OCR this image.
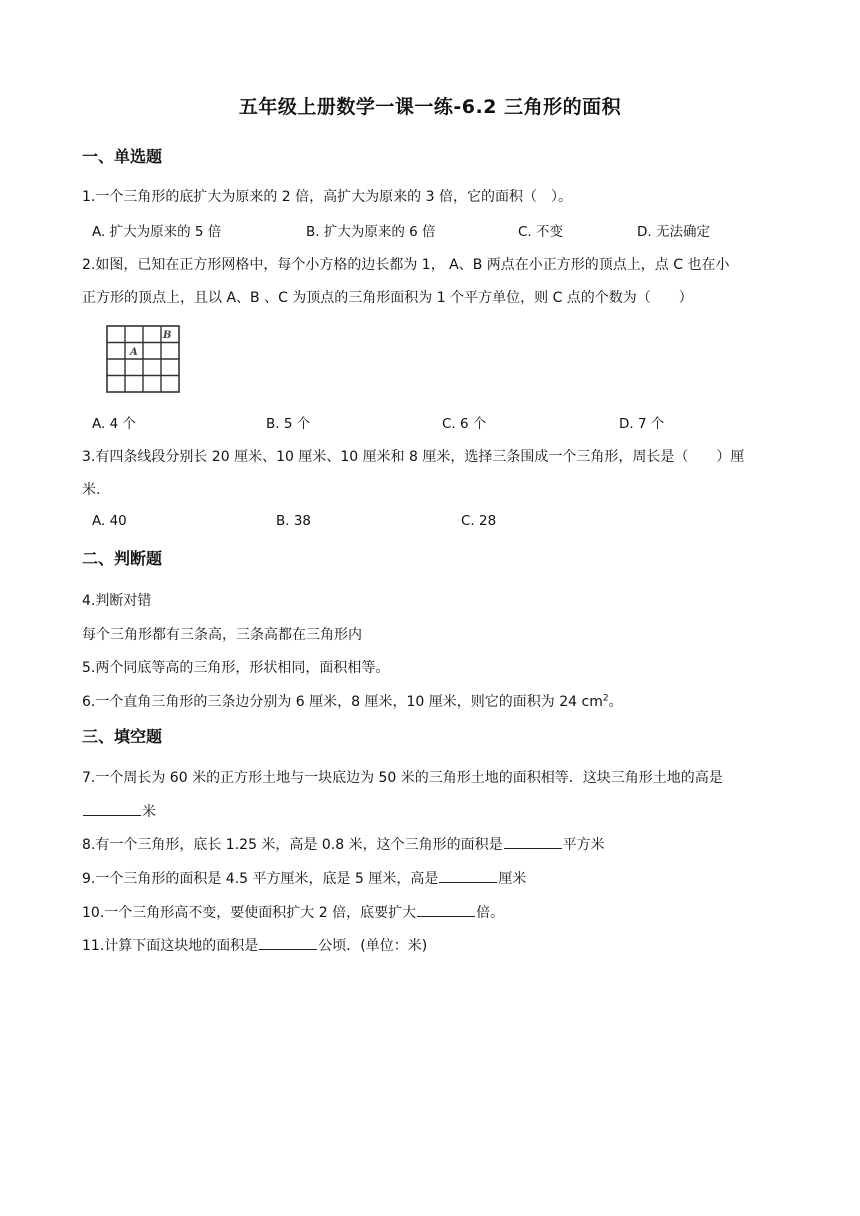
五年级上册数学一课一练-6.2 三角形的面积
一、单选题
1.一个三角形的底扩大为原来的 2 倍，高扩大为原来的 3 倍，它的面积（　）。
A. 扩大为原来的 5 倍	B. 扩大为原来的 6 倍	C. 不变	D. 无法确定
2.如图，已知在正方形网格中，每个小方格的边长都为 1， A、B 两点在小正方形的顶点上，点 C 也在小
正方形的顶点上，且以 A、B 、C 为顶点的三角形面积为 1 个平方单位，则 C 点的个数为（　　）
A
B
A. 4 个	B. 5 个	C. 6 个	D. 7 个
3.有四条线段分别长 20 厘米、10 厘米、10 厘米和 8 厘米，选择三条围成一个三角形，周长是（　　）厘
米.
A. 40	B. 38	C. 28
二、判断题
4.判断对错
每个三角形都有三条高，三条高都在三角形内
5.两个同底等高的三角形，形状相同，面积相等。
6.一个直角三角形的三条边分别为 6 厘米，8 厘米，10 厘米，则它的面积为 24 $cm^2$。
三、填空题
7.一个周长为 60 米的正方形土地与一块底边为 50 米的三角形土地的面积相等．这块三角形土地的高是
米
8.有一个三角形，底长 1.25 米，高是 0.8 米，这个三角形的面积是	平方米
9.一个三角形的面积是 4.5 平方厘米，底是 5 厘米，高是	厘米
10.一个三角形高不变，要使面积扩大 2 倍，底要扩大	倍。
11.计算下面这块地的面积是	公顷．(单位：米)
